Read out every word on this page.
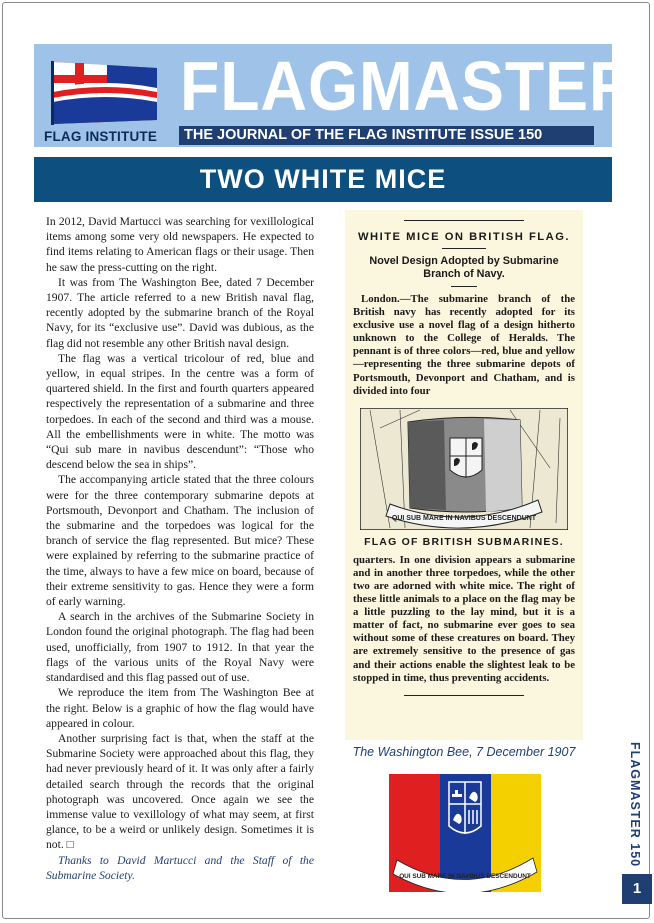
FLAG INSTITUTE
FLAGMASTER
THE JOURNAL OF THE FLAG INSTITUTE ISSUE 150
TWO WHITE MICE

In 2012, David Martucci was searching for vexillological items among some very old newspapers. He expected to find items relating to American flags or their usage. Then he saw the press-cutting on the right.

It was from The Washington Bee, dated 7 December 1907. The article referred to a new British naval flag, recently adopted by the submarine branch of the Royal Navy, for its “exclusive use”. David was dubious, as the flag did not resemble any other British naval design.

The flag was a vertical tricolour of red, blue and yellow, in equal stripes. In the centre was a form of quartered shield. In the first and fourth quarters appeared respectively the representation of a submarine and three torpedoes. In each of the second and third was a mouse. All the embellishments were in white. The motto was “Qui sub mare in navibus descendunt”: “Those who descend below the sea in ships”.

The accompanying article stated that the three colours were for the three contemporary submarine depots at Portsmouth, Devonport and Chatham. The inclusion of the submarine and the torpedoes was logical for the branch of service the flag represented. But mice? These were explained by referring to the submarine practice of the time, always to have a few mice on board, because of their extreme sensitivity to gas. Hence they were a form of early warning.

A search in the archives of the Submarine Society in London found the original photograph. The flag had been used, unofficially, from 1907 to 1912. In that year the flags of the various units of the Royal Navy were standardised and this flag passed out of use.

We reproduce the item from The Washington Bee at the right. Below is a graphic of how the flag would have appeared in colour.

Another surprising fact is that, when the staff at the Submarine Society were approached about this flag, they had never previously heard of it. It was only after a fairly detailed search through the records that the original photograph was uncovered. Once again we see the immense value to vexillology of what may seem, at first glance, to be a weird or unlikely design. Sometimes it is not. □

Thanks to David Martucci and the Staff of the Submarine Society.

WHITE MICE ON BRITISH FLAG.
Novel Design Adopted by Submarine Branch of Navy.

London.—The submarine branch of the British navy has recently adopted for its exclusive use a novel flag of a design hitherto unknown to the College of Heralds. The pennant is of three colors—red, blue and yellow—representing the three submarine depots of Portsmouth, Devonport and Chatham, and is divided into four

QUI SUB MARE IN NAVIBUS DESCENDUNT
FLAG OF BRITISH SUBMARINES.

quarters. In one division appears a submarine and in another three torpedoes, while the other two are adorned with white mice. The right of these little animals to a place on the flag may be a little puzzling to the lay mind, but it is a matter of fact, no submarine ever goes to sea without some of these creatures on board. They are extremely sensitive to the presence of gas and their actions enable the slightest leak to be stopped in time, thus preventing accidents.

The Washington Bee, 7 December 1907
QUI SUB MARE IN NAVIBUS DESCENDUNT
FLAGMASTER 150
1
